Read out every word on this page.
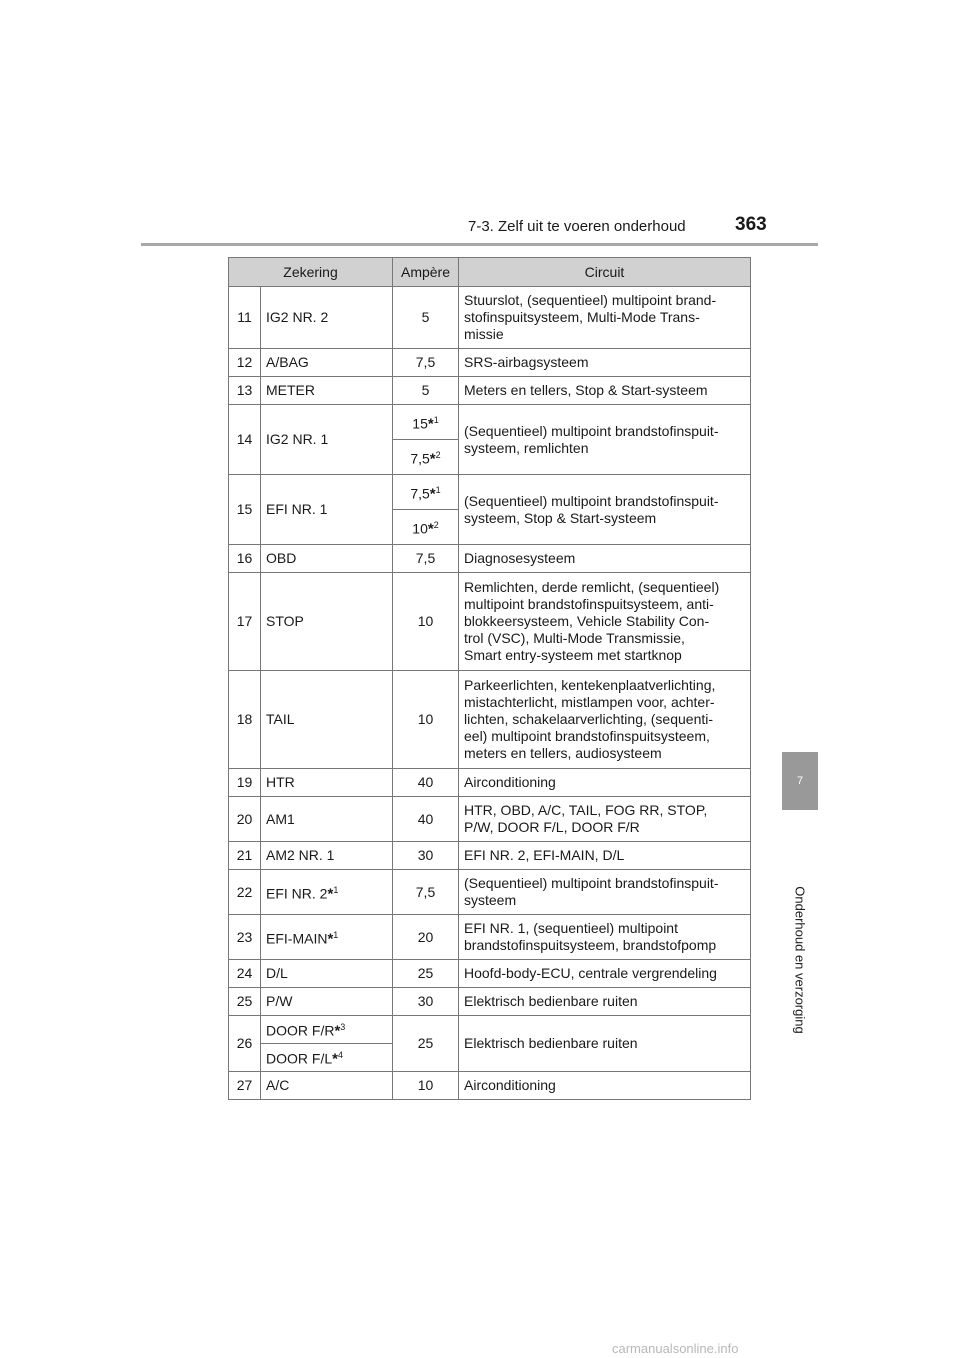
7-3. Zelf uit te voeren onderhoud	363
7
Onderhoud en verzorging
Zekering		Ampère	Circuit
11	IG2 NR. 2	5	Stuurslot, (sequentieel) multipoint brand-
stofinspuitsysteem, Multi-Mode Trans-
missie
12	A/BAG	7,5	SRS-airbagsysteem
13	METER	5	Meters en tellers, Stop & Start-systeem
14	IG2 NR. 1	15*$^1$	(Sequentieel) multipoint brandstofinspuit-
systeem, remlichten
		7,5*$^2$
15	EFI NR. 1	7,5*$^1$	(Sequentieel) multipoint brandstofinspuit-
systeem, Stop & Start-systeem
		10*$^2$
16	OBD	7,5	Diagnosesysteem
17	STOP	10	Remlichten, derde remlicht, (sequentieel)
multipoint brandstofinspuitsysteem, anti-
blokkeersysteem, Vehicle Stability Con-
trol (VSC), Multi-Mode Transmissie,
Smart entry-systeem met startknop
18	TAIL	10	Parkeerlichten, kentekenplaatverlichting,
mistachterlicht, mistlampen voor, achter-
lichten, schakelaarverlichting, (sequenti-
eel) multipoint brandstofinspuitsysteem,
meters en tellers, audiosysteem
19	HTR	40	Airconditioning
20	AM1	40	HTR, OBD, A/C, TAIL, FOG RR, STOP,
P/W, DOOR F/L, DOOR F/R
21	AM2 NR. 1	30	EFI NR. 2, EFI-MAIN, D/L
22	EFI NR. 2*$^1$	7,5	(Sequentieel) multipoint brandstofinspuit-
systeem
23	EFI-MAIN*$^1$	20	EFI NR. 1, (sequentieel) multipoint
brandstofinspuitsysteem, brandstofpomp
24	D/L	25	Hoofd-body-ECU, centrale vergrendeling
25	P/W	30	Elektrisch bedienbare ruiten
26	DOOR F/R*$^3$	25	Elektrisch bedienbare ruiten
	DOOR F/L*$^4$
27	A/C	10	Airconditioning
carmanualsonline.info
